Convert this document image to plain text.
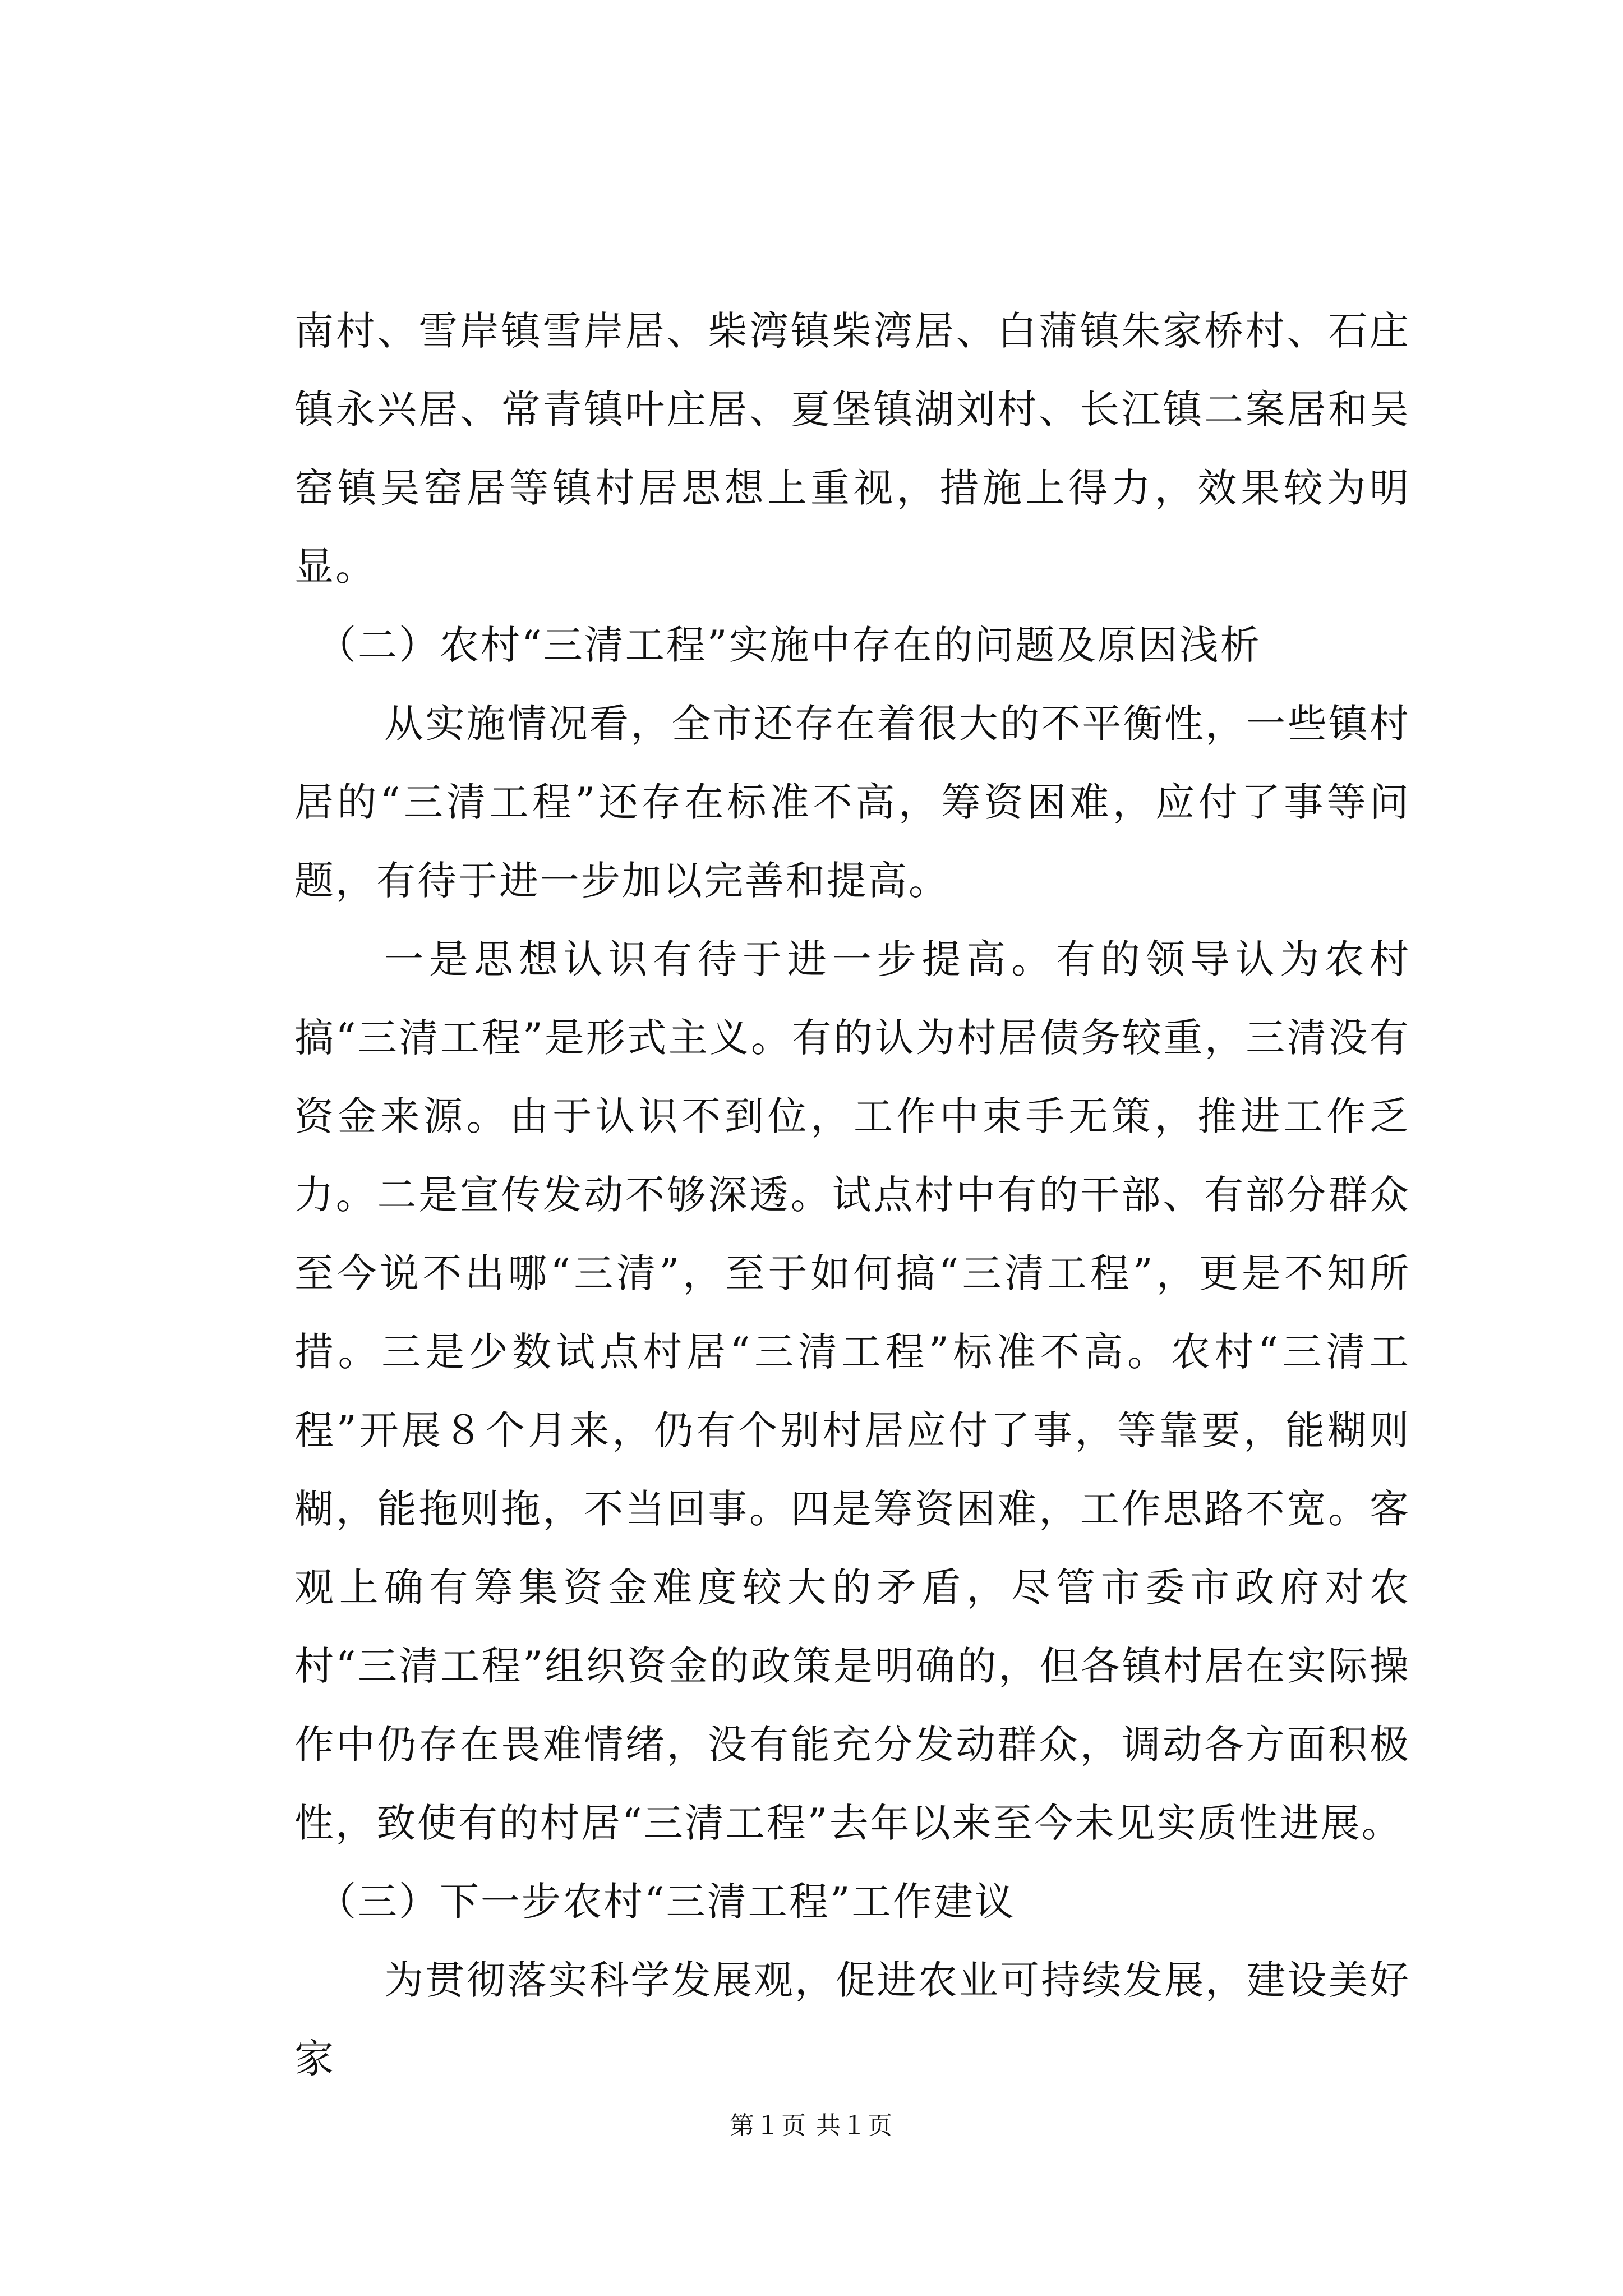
南村、雪岸镇雪岸居、柴湾镇柴湾居、白蒲镇朱家桥村、石庄镇永兴居、常青镇叶庄居、夏堡镇湖刘村、长江镇二案居和吴窑镇吴窑居等镇村居思想上重视，措施上得力，效果较为明显。

（二）农村“三清工程”实施中存在的问题及原因浅析

从实施情况看，全市还存在着很大的不平衡性，一些镇村居的“三清工程”还存在标准不高，筹资困难，应付了事等问题，有待于进一步加以完善和提高。

一是思想认识有待于进一步提高。有的领导认为农村搞“三清工程”是形式主义。有的认为村居债务较重，三清没有资金来源。由于认识不到位，工作中束手无策，推进工作乏力。二是宣传发动不够深透。试点村中有的干部、有部分群众至今说不出哪“三清”，至于如何搞“三清工程”，更是不知所措。三是少数试点村居“三清工程”标准不高。农村“三清工程”开展８个月来，仍有个别村居应付了事，等靠要，能糊则糊，能拖则拖，不当回事。四是筹资困难，工作思路不宽。客观上确有筹集资金难度较大的矛盾，尽管市委市政府对农村“三清工程”组织资金的政策是明确的，但各镇村居在实际操作中仍存在畏难情绪，没有能充分发动群众，调动各方面积极性，致使有的村居“三清工程”去年以来至今未见实质性进展。

（三）下一步农村“三清工程”工作建议

为贯彻落实科学发展观，促进农业可持续发展，建设美好家

第１页 共１页
